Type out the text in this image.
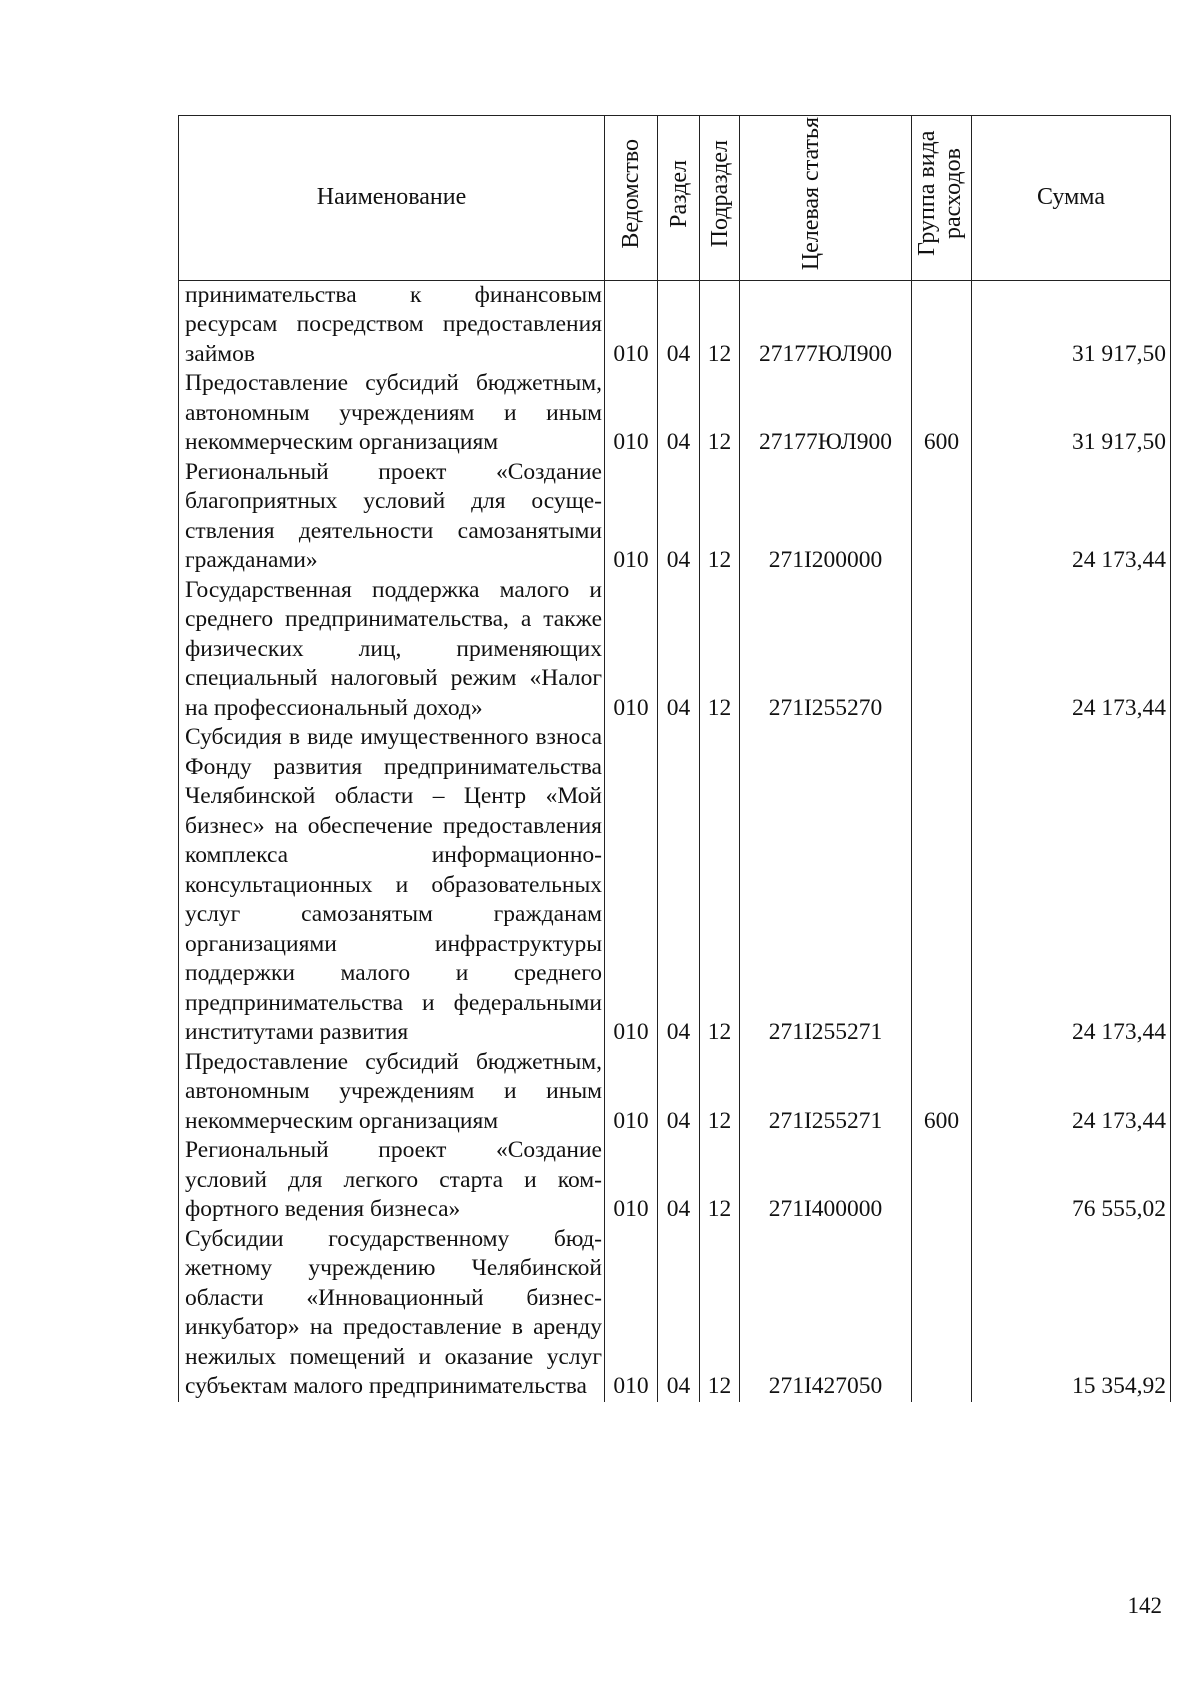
Наименование	Ведомство	Раздел	Подраздел	Целевая статья	Группа вида расходов	Сумма
принимательства к финансовым ресурсам посредством предоставления займов	010	04	12	27177ЮЛ900		31 917,50
Предоставление субсидий бюджетным, автономным учреждениям и иным некоммерческим организациям	010	04	12	27177ЮЛ900	600	31 917,50
Региональный проект «Создание благоприятных условий для осуществления деятельности самозанятыми гражданами»	010	04	12	271I200000		24 173,44
Государственная поддержка малого и среднего предпринимательства, а также физических лиц, применяющих специальный налоговый режим «Налог на профессиональный доход»	010	04	12	271I255270		24 173,44
Субсидия в виде имущественного взноса Фонду развития предпринимательства Челябинской области – Центр «Мой бизнес» на обеспечение предоставления комплекса информационно-консультационных и образовательных услуг самозанятым гражданам организациями инфраструктуры поддержки малого и среднего предпринимательства и федеральными институтами развития	010	04	12	271I255271		24 173,44
Предоставление субсидий бюджетным, автономным учреждениям и иным некоммерческим организациям	010	04	12	271I255271	600	24 173,44
Региональный проект «Создание условий для легкого старта и комфортного ведения бизнеса»	010	04	12	271I400000		76 555,02
Субсидии государственному бюджетному учреждению Челябинской области «Инновационный бизнес-инкубатор» на предоставление в аренду нежилых помещений и оказание услуг субъектам малого предпринимательства	010	04	12	271I427050		15 354,92
142
